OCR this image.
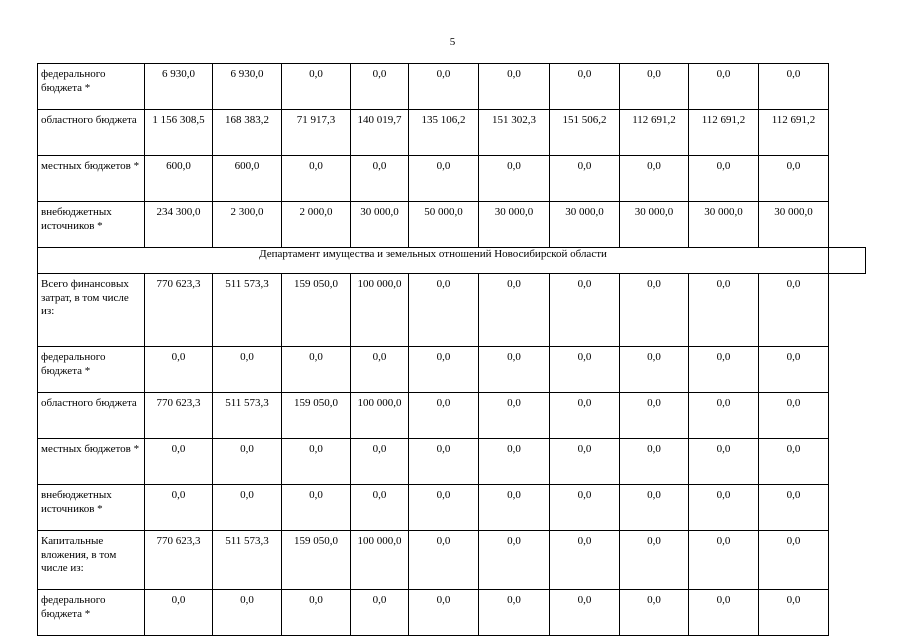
5
федерального бюджета *	6 930,0	6 930,0	0,0	0,0	0,0	0,0	0,0	0,0	0,0	0,0	
областного бюджета	1 156 308,5	168 383,2	71 917,3	140 019,7	135 106,2	151 302,3	151 506,2	112 691,2	112 691,2	112 691,2	
местных бюджетов *	600,0	600,0	0,0	0,0	0,0	0,0	0,0	0,0	0,0	0,0	
внебюджетных источников *	234 300,0	2 300,0	2 000,0	30 000,0	50 000,0	30 000,0	30 000,0	30 000,0	30 000,0	30 000,0	
Департамент имущества и земельных отношений Новосибирской области											
Всего финансовых затрат, в том числе из:	770 623,3	511 573,3	159 050,0	100 000,0	0,0	0,0	0,0	0,0	0,0	0,0	
федерального бюджета *	0,0	0,0	0,0	0,0	0,0	0,0	0,0	0,0	0,0	0,0	
областного бюджета	770 623,3	511 573,3	159 050,0	100 000,0	0,0	0,0	0,0	0,0	0,0	0,0	
местных бюджетов *	0,0	0,0	0,0	0,0	0,0	0,0	0,0	0,0	0,0	0,0	
внебюджетных источников *	0,0	0,0	0,0	0,0	0,0	0,0	0,0	0,0	0,0	0,0	
Капитальные вложения, в том числе из:	770 623,3	511 573,3	159 050,0	100 000,0	0,0	0,0	0,0	0,0	0,0	0,0	
федерального бюджета *	0,0	0,0	0,0	0,0	0,0	0,0	0,0	0,0	0,0	0,0	
